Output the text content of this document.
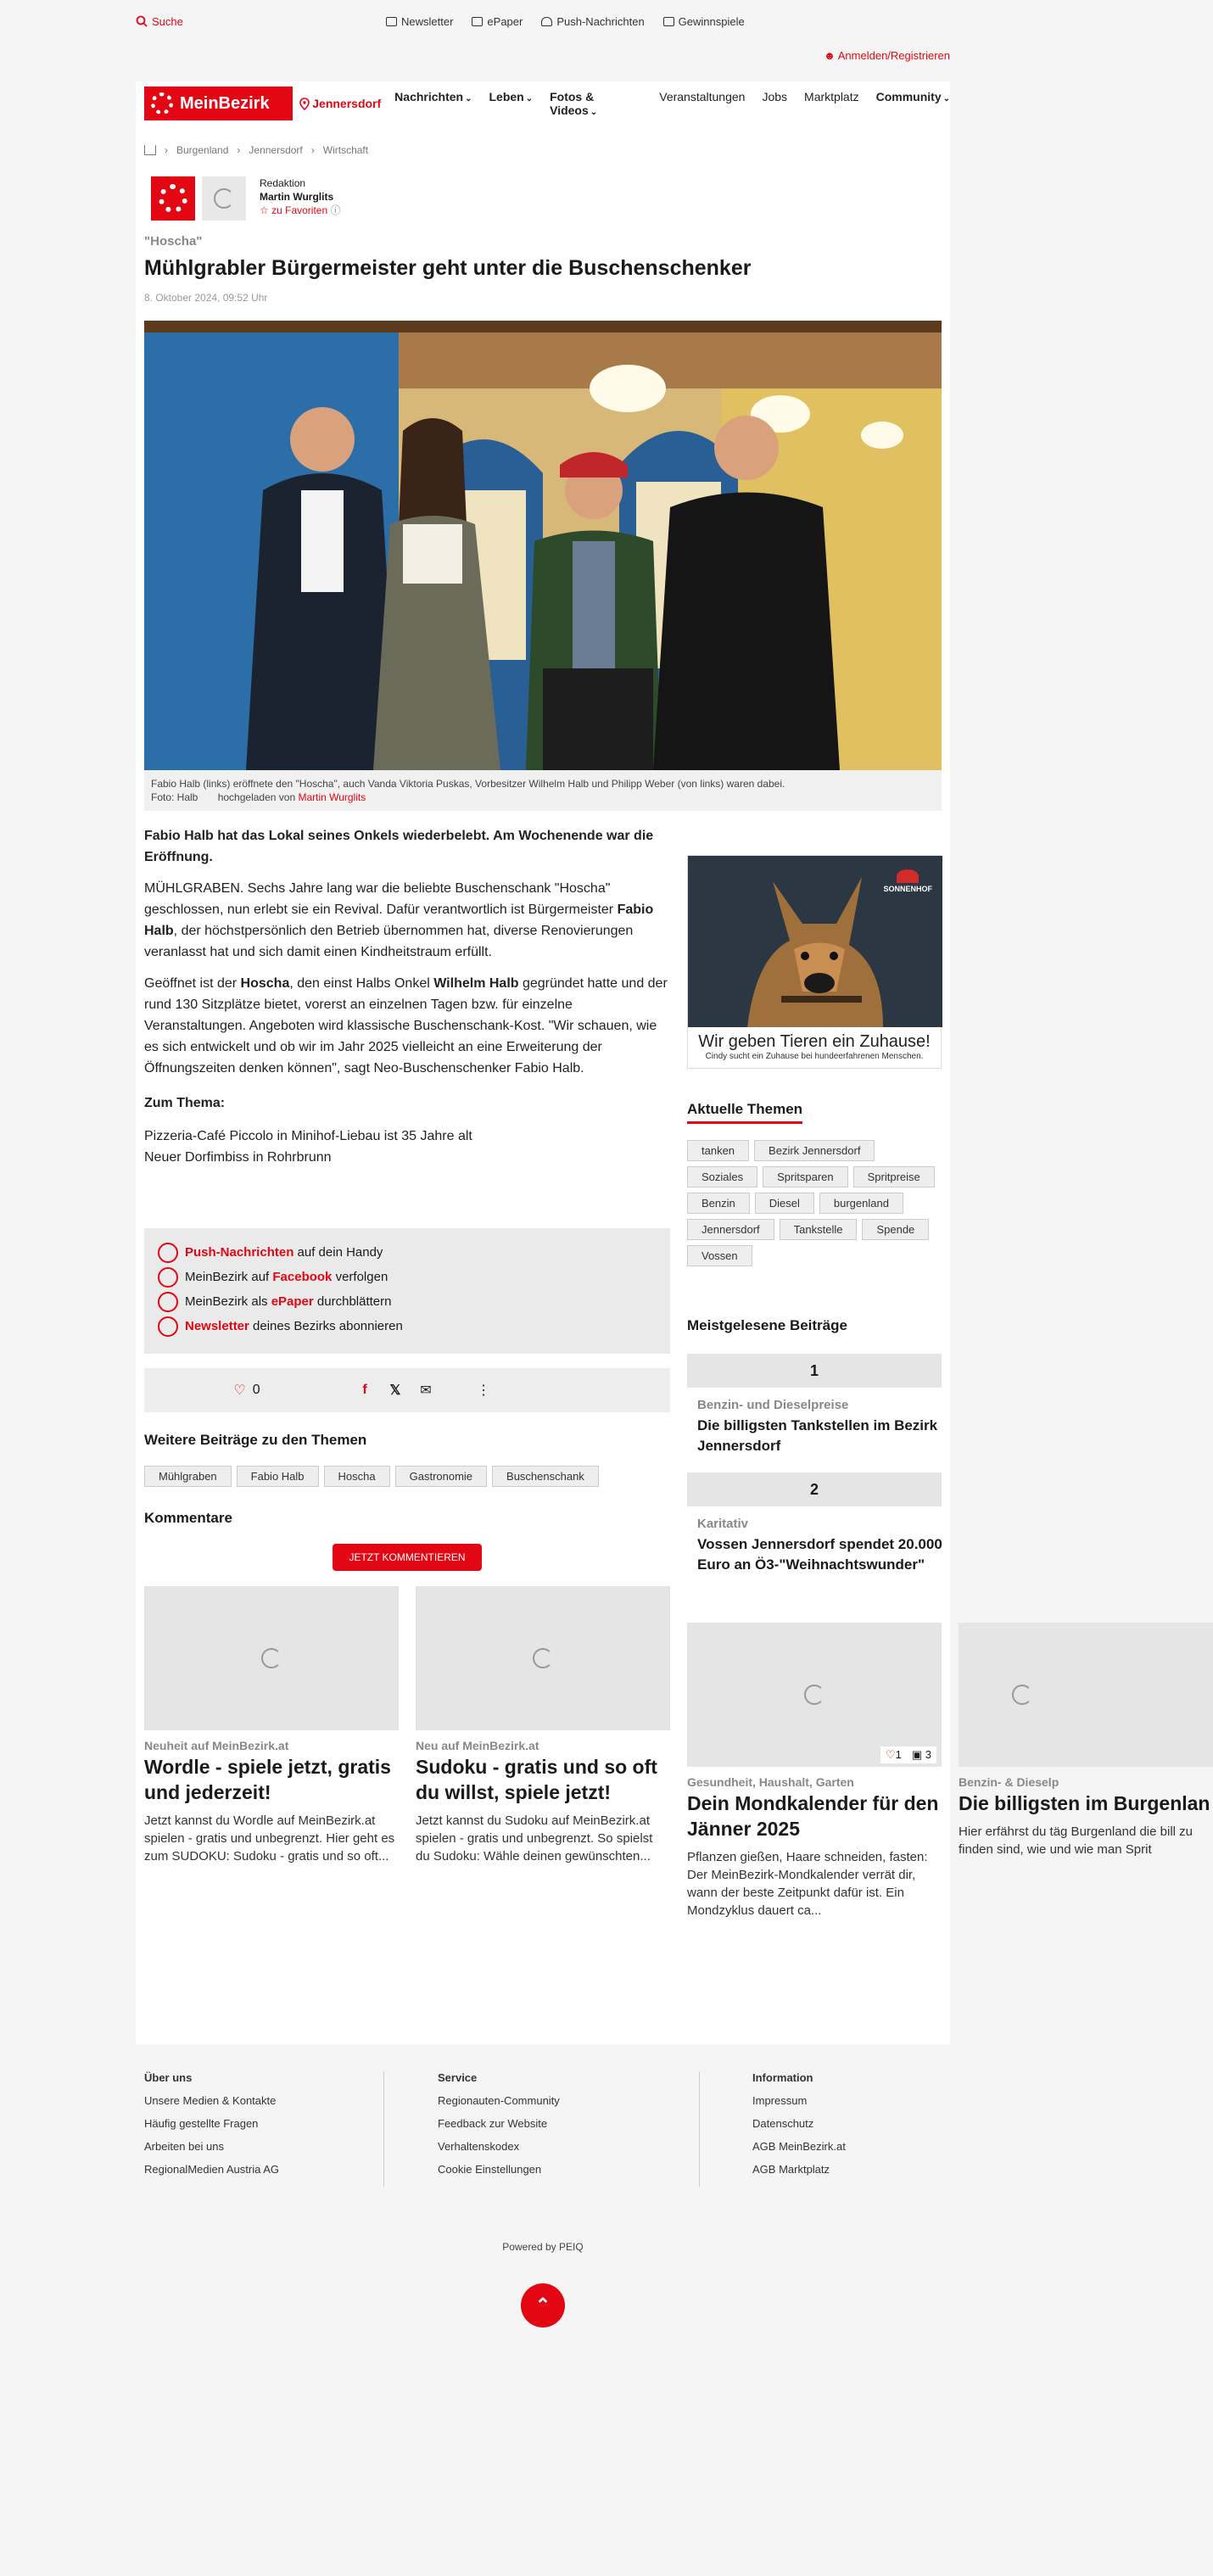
Suche	Newsletter	ePaper	Push-Nachrichten	Gewinnspiele
☻ Anmelden/Registrieren
MeinBezirk	Jennersdorf Nachrichten ⌄ Leben ⌄ Fotos & Videos ⌄
Veranstaltungen Jobs Marktplatz Community ⌄
› Burgenland › Jennersdorf › Wirtschaft
Redaktion
Martin Wurglits
☆ zu Favoriten ⓘ
"Hoscha"
Mühlgrabler Bürgermeister geht unter die Buschenschenker
8. Oktober 2024, 09:52 Uhr
Fabio Halb (links) eröffnete den "Hoscha", auch Vanda Viktoria Puskas, Vorbesitzer Wilhelm Halb und Philipp Weber (von links) waren dabei.
Foto: Halb hochgeladen von Martin Wurglits

Fabio Halb hat das Lokal seines Onkels wiederbelebt. Am Wochenende war die Eröffnung.

MÜHLGRABEN. Sechs Jahre lang war die beliebte Buschenschank "Hoscha" geschlossen, nun erlebt sie ein Revival. Dafür verantwortlich ist Bürgermeister Fabio Halb, der höchstpersönlich den Betrieb übernommen hat, diverse Renovierungen veranlasst hat und sich damit einen Kindheitstraum erfüllt.

Geöffnet ist der Hoscha, den einst Halbs Onkel Wilhelm Halb gegründet hatte und der rund 130 Sitzplätze bietet, vorerst an einzelnen Tagen bzw. für einzelne Veranstaltungen. Angeboten wird klassische Buschenschank-Kost. "Wir schauen, wie es sich entwickelt und ob wir im Jahr 2025 vielleicht an eine Erweiterung der Öffnungszeiten denken können", sagt Neo-Buschenschenker Fabio Halb.

Zum Thema:
Pizzeria-Café Piccolo in Minihof-Liebau ist 35 Jahre alt
Neuer Dorfimbiss in Rohrbrunn
Push-Nachrichten auf dein Handy
MeinBezirk auf Facebook verfolgen
MeinBezirk als ePaper durchblättern
Newsletter deines Bezirks abonnieren
♡ 0	f 𝕏 ✉	⋮
Weitere Beiträge zu den Themen
Mühlgraben	Fabio Halb	Hoscha	Gastronomie	Buschenschank
Kommentare
JETZT KOMMENTIEREN
SONNENHOF
Wir geben Tieren ein Zuhause!
Cindy sucht ein Zuhause bei hundeerfahrenen Menschen.
Aktuelle Themen
tanken	Bezirk Jennersdorf
Soziales	Spritsparen	Spritpreise
Benzin	Diesel	burgenland
Jennersdorf	Tankstelle	Spende
Vossen
Meistgelesene Beiträge
1
Benzin- und Dieselpreise
Die billigsten Tankstellen im Bezirk Jennersdorf
2
Karitativ
Vossen Jennersdorf spendet 20.000 Euro an Ö3-"Weihnachtswunder"
Neuheit auf MeinBezirk.at
Wordle - spiele jetzt, gratis und jederzeit!
Jetzt kannst du Wordle auf MeinBezirk.at spielen - gratis und unbegrenzt. Hier geht es zum SUDOKU: Sudoku - gratis und so oft...
Neu auf MeinBezirk.at
Sudoku - gratis und so oft du willst, spiele jetzt!
Jetzt kannst du Sudoku auf MeinBezirk.at spielen - gratis und unbegrenzt. So spielst du Sudoku: Wähle deinen gewünschten...
♡1 ▣ 3
Gesundheit, Haushalt, Garten
Dein Mondkalender für den Jänner 2025
Pflanzen gießen, Haare schneiden, fasten: Der MeinBezirk-Mondkalender verrät dir, wann der beste Zeitpunkt dafür ist. Ein Mondzyklus dauert ca...
Benzin- & Dieselp
Die billigsten im Burgenlan
Hier erfährst du täg Burgenland die bill zu finden sind, wie und wie man Sprit
Über uns
Unsere Medien & Kontakte
Häufig gestellte Fragen
Arbeiten bei uns
RegionalMedien Austria AG
Service
Regionauten-Community
Feedback zur Website
Verhaltenskodex
Cookie Einstellungen
Information
Impressum
Datenschutz
AGB MeinBezirk.at
AGB Marktplatz
Powered by PEIQ
⌃
